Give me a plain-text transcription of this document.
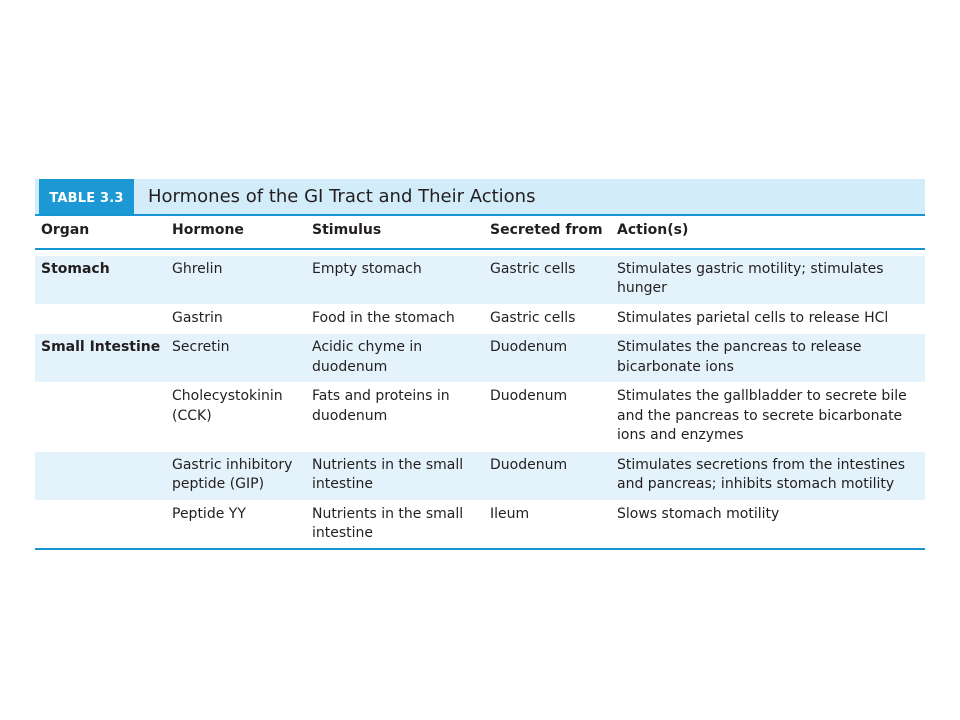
TABLE 3.3	Hormones of the GI Tract and Their Actions
Organ	Hormone	Stimulus	Secreted from	Action(s)

Stomach	Ghrelin	Empty stomach	Gastric cells	Stimulates gastric motility; stimulates hunger
	Gastrin	Food in the stomach	Gastric cells	Stimulates parietal cells to release HCl
Small Intestine	Secretin	Acidic chyme in duodenum	Duodenum	Stimulates the pancreas to release bicarbonate ions
	Cholecystokinin (CCK)	Fats and proteins in duodenum	Duodenum	Stimulates the gallbladder to secrete bile and the pancreas to secrete bicarbonate ions and enzymes
	Gastric inhibitory peptide (GIP)	Nutrients in the small intestine	Duodenum	Stimulates secretions from the intestines and pancreas; inhibits stomach motility
	Peptide YY	Nutrients in the small intestine	Ileum	Slows stomach motility
